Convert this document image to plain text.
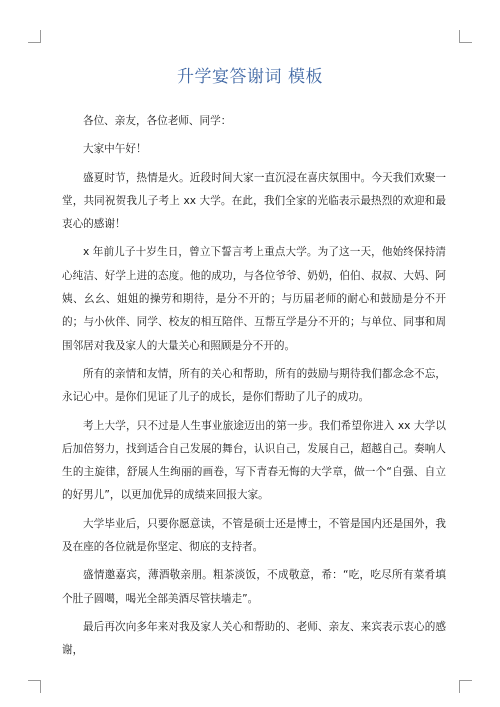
升学宴答谢词 模板

各位、亲友，各位老师、同学：

大家中午好！

盛夏时节，热情是火。近段时间大家一直沉浸在喜庆氛围中。今天我们欢聚一堂，共同祝贺我儿子考上 xx 大学。在此，我们全家的光临表示最热烈的欢迎和最衷心的感谢！

x 年前儿子十岁生日，曾立下誓言考上重点大学。为了这一天，他始终保持清心纯洁、好学上进的态度。他的成功，与各位爷爷、奶奶，伯伯、叔叔、大妈、阿姨、幺幺、姐姐的操劳和期待，是分不开的；与历届老师的耐心和鼓励是分不开的；与小伙伴、同学、校友的相互陪伴、互帮互学是分不开的；与单位、同事和周围邻居对我及家人的大量关心和照顾是分不开的。

所有的亲情和友情，所有的关心和帮助，所有的鼓励与期待我们都念念不忘，永记心中。是你们见证了儿子的成长，是你们帮助了儿子的成功。

考上大学，只不过是人生事业旅途迈出的第一步。我们希望你进入 xx 大学以后加倍努力，找到适合自己发展的舞台，认识自己，发展自己，超越自己。奏响人生的主旋律，舒展人生绚丽的画卷，写下青春无悔的大学章，做一个“自强、自立的好男儿”，以更加优异的成绩来回报大家。

大学毕业后，只要你愿意读，不管是硕士还是博士，不管是国内还是国外，我及在座的各位就是你坚定、彻底的支持者。

盛情邀嘉宾，薄酒敬亲朋。粗茶淡饭，不成敬意，希：“吃，吃尽所有菜肴填个肚子圆噶，喝光全部美酒尽管扶墙走”。

最后再次向多年来对我及家人关心和帮助的、老师、亲友、来宾表示衷心的感谢，
